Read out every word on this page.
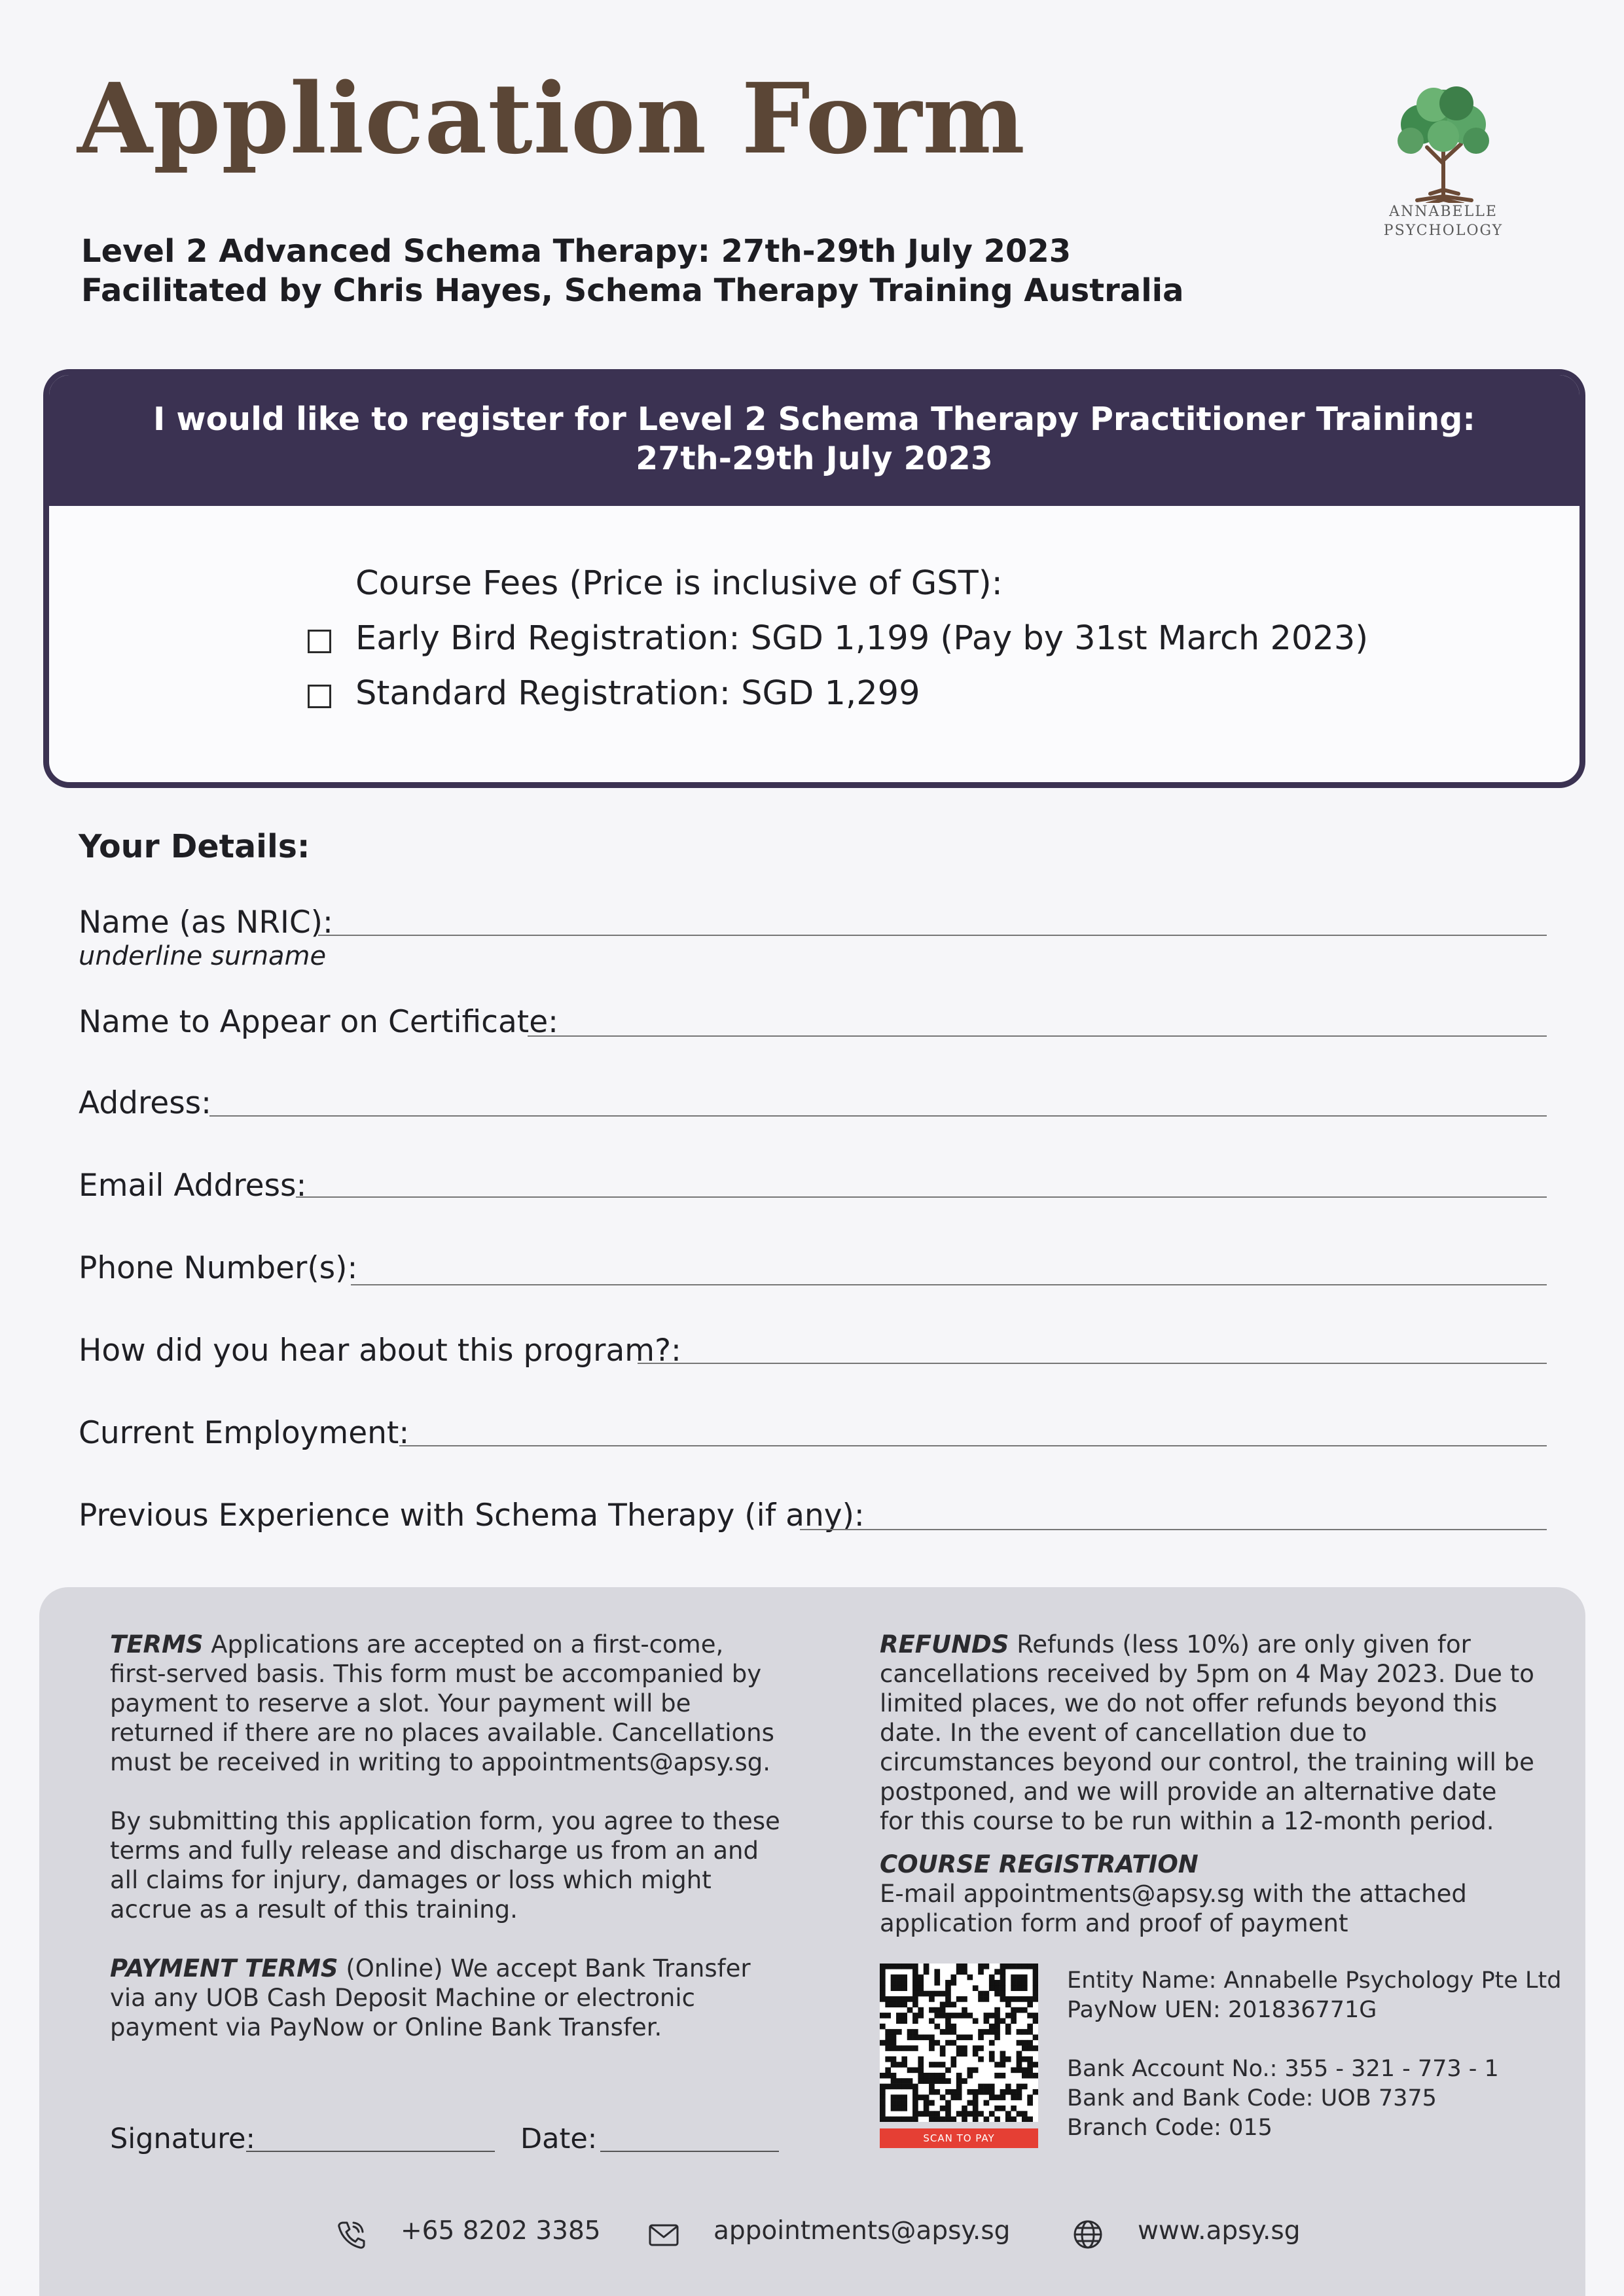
Application Form
Level 2 Advanced Schema Therapy: 27th-29th July 2023
Facilitated by Chris Hayes, Schema Therapy Training Australia
ANNABELLE
PSYCHOLOGY
I would like to register for Level 2 Schema Therapy Practitioner Training:
27th-29th July 2023
Course Fees (Price is inclusive of GST):
Early Bird Registration: SGD 1,199 (Pay by 31st March 2023)
Standard Registration: SGD 1,299
Your Details:
Name (as NRIC):
underline surname
Name to Appear on Certificate:
Address:
Email Address:
Phone Number(s):
How did you hear about this program?:
Current Employment:
Previous Experience with Schema Therapy (if any):
TERMS Applications are accepted on a first-come, first-served basis. This form must be accompanied by payment to reserve a slot. Your payment will be returned if there are no places available. Cancellations must be received in writing to appointments@apsy.sg.
By submitting this application form, you agree to these terms and fully release and discharge us from an and all claims for injury, damages or loss which might accrue as a result of this training.
PAYMENT TERMS (Online) We accept Bank Transfer via any UOB Cash Deposit Machine or electronic payment via PayNow or Online Bank Transfer.
REFUNDS Refunds (less 10%) are only given for cancellations received by 5pm on 4 May 2023. Due to limited places, we do not offer refunds beyond this date. In the event of cancellation due to circumstances beyond our control, the training will be postponed, and we will provide an alternative date for this course to be run within a 12-month period.
COURSE REGISTRATION
E-mail appointments@apsy.sg with the attached application form and proof of payment
Signature:	Date:	SCAN TO PAY
Entity Name: Annabelle Psychology Pte Ltd
PayNow UEN: 201836771G
Bank Account No.: 355 - 321 - 773 - 1
Bank and Bank Code: UOB 7375
Branch Code: 015
+65 8202 3385	appointments@apsy.sg	www.apsy.sg
